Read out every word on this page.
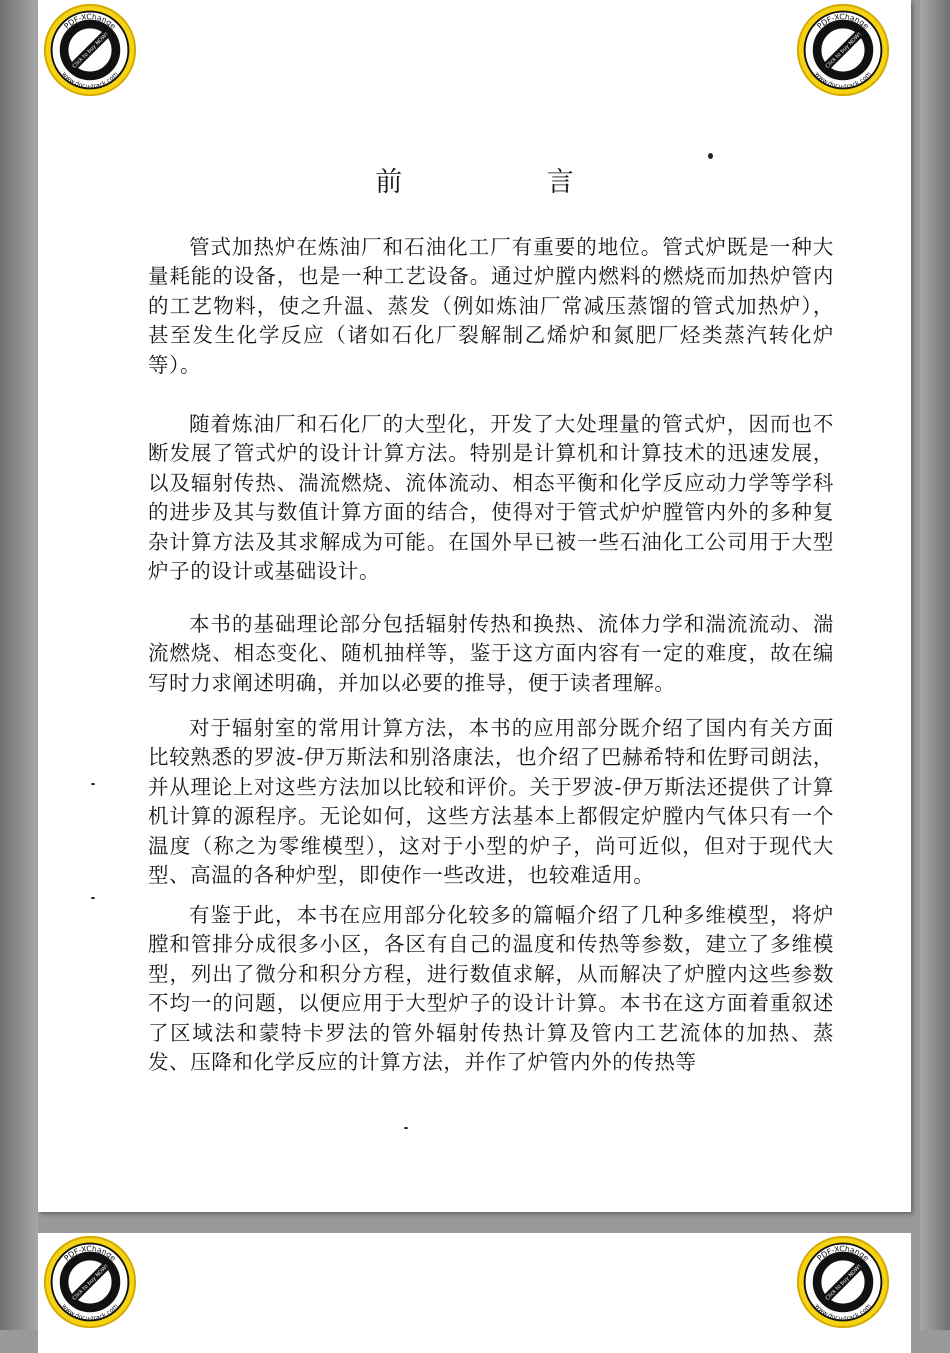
前 言

管式加热炉在炼油厂和石油化工厂有重要的地位。管式炉既是一种大量耗能的设备，也是一种工艺设备。通过炉膛内燃料的燃烧而加热炉管内的工艺物料，使之升温、蒸发（例如炼油厂常减压蒸馏的管式加热炉），甚至发生化学反应（诸如石化厂裂解制乙烯炉和氮肥厂烃类蒸汽转化炉等）。

随着炼油厂和石化厂的大型化，开发了大处理量的管式炉，因而也不断发展了管式炉的设计计算方法。特别是计算机和计算技术的迅速发展，以及辐射传热、湍流燃烧、流体流动、相态平衡和化学反应动力学等学科的进步及其与数值计算方面的结合，使得对于管式炉炉膛管内外的多种复杂计算方法及其求解成为可能。在国外早已被一些石油化工公司用于大型炉子的设计或基础设计。

本书的基础理论部分包括辐射传热和换热、流体力学和湍流流动、湍流燃烧、相态变化、随机抽样等，鉴于这方面内容有一定的难度，故在编写时力求阐述明确，并加以必要的推导，便于读者理解。

对于辐射室的常用计算方法，本书的应用部分既介绍了国内有关方面比较熟悉的罗波-伊万斯法和别洛康法，也介绍了巴赫希特和佐野司朗法，并从理论上对这些方法加以比较和评价。关于罗波-伊万斯法还提供了计算机计算的源程序。无论如何，这些方法基本上都假定炉膛内气体只有一个温度（称之为零维模型），这对于小型的炉子，尚可近似，但对于现代大型、高温的各种炉型，即使作一些改进，也较难适用。

有鉴于此，本书在应用部分化较多的篇幅介绍了几种多维模型，将炉膛和管排分成很多小区，各区有自己的温度和传热等参数，建立了多维模型，列出了微分和积分方程，进行数值求解，从而解决了炉膛内这些参数不均一的问题，以便应用于大型炉子的设计计算。本书在这方面着重叙述了区域法和蒙特卡罗法的管外辐射传热计算及管内工艺流体的加热、蒸发、压降和化学反应的计算方法，并作了炉管内外的传热等

PDF-XChange
www.docu-track.com
Click to buy NOW!
PDF-XChange
www.docu-track.com
Click to buy NOW!
PDF-XChange
www.docu-track.com
Click to buy NOW!
PDF-XChange
www.docu-track.com
Click to buy NOW!
